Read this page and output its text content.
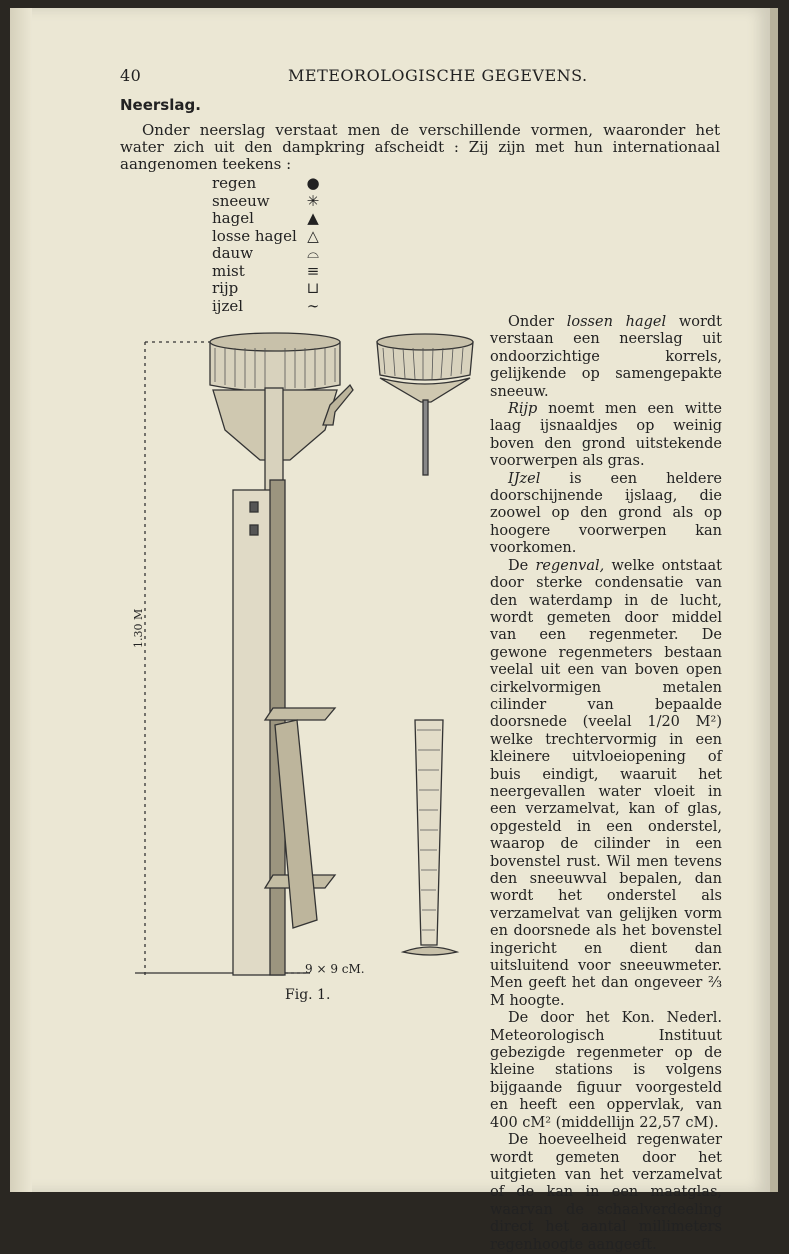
40	METEOROLOGISCHE GEGEVENS.
Neerslag.

Onder neerslag verstaat men de verschillende vormen, waaronder het water zich uit den dampkring afscheidt : Zij zijn met hun internationaal aangenomen teekens :

regen	●
sneeuw ✳
hagel	▲
losse hagel △
dauw	⌓
mist	≡
rijp	⊔
ijzel	∼
9 × 9 cM.
1.30 M
Fig. 1.

Onder lossen hagel wordt verstaan een neerslag uit ondoorzichtige korrels, gelijkende op samengepakte sneeuw.

Rijp noemt men een witte laag ijsnaaldjes op weinig boven den grond uitstekende voorwerpen als gras.

IJzel is een heldere doorschijnende ijslaag, die zoowel op den grond als op hoogere voorwerpen kan voorkomen.

De regenval, welke ontstaat door sterke condensatie van den waterdamp in de lucht, wordt gemeten door middel van een regenmeter. De gewone regenmeters bestaan veelal uit een van boven open cirkelvormigen metalen cilinder van bepaalde doorsnede (veelal 1/20 M²) welke trechtervormig in een kleinere uitvloeiopening of buis eindigt, waaruit het neergevallen water vloeit in een verzamelvat, kan of glas, opgesteld in een onderstel, waarop de cilinder in een bovenstel rust. Wil men tevens den sneeuwval bepalen, dan wordt het onderstel als verzamelvat van gelijken vorm en doorsnede als het bovenstel ingericht en dient dan uitsluitend voor sneeuwmeter. Men geeft het dan ongeveer ⅔ M hoogte.

De door het Kon. Nederl. Meteorologisch Instituut gebezigde regenmeter op de kleine stations is volgens bijgaande figuur voorgesteld en heeft een oppervlak, van 400 cM² (middellijn 22,57 cM).

De hoeveelheid regenwater wordt gemeten door het uitgieten van het verzamelvat of de kan in een maatglas, waarvan de schaalverdeeling direct het aantal millimeters regenhoogte aangeeft.
